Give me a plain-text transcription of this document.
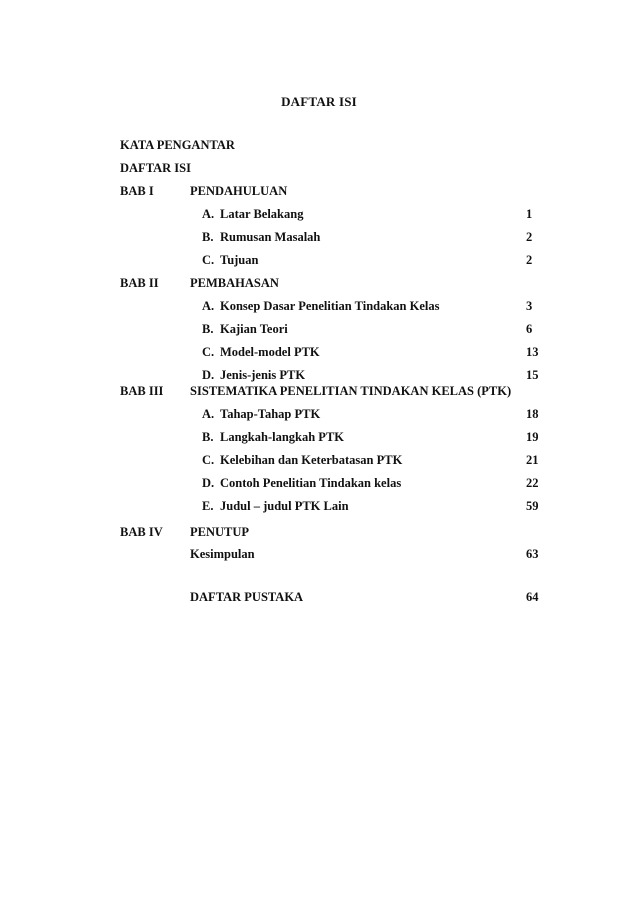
DAFTAR ISI
KATA PENGANTAR
DAFTAR ISI
BAB I	PENDAHULUAN
A. Latar Belakang	1
B. Rumusan Masalah	2
C. Tujuan	2
BAB II	PEMBAHASAN
A. Konsep Dasar Penelitian Tindakan Kelas	3
B. Kajian Teori	6
C. Model-model PTK	13
D. Jenis-jenis PTK	15
BAB III SISTEMATIKA PENELITIAN TINDAKAN KELAS (PTK)
A. Tahap-Tahap PTK	18
B. Langkah-langkah PTK	19
C. Kelebihan dan Keterbatasan PTK	21
D. Contoh Penelitian Tindakan kelas	22
E. Judul – judul PTK Lain	59
BAB IV PENUTUP
Kesimpulan	63
DAFTAR PUSTAKA	64
